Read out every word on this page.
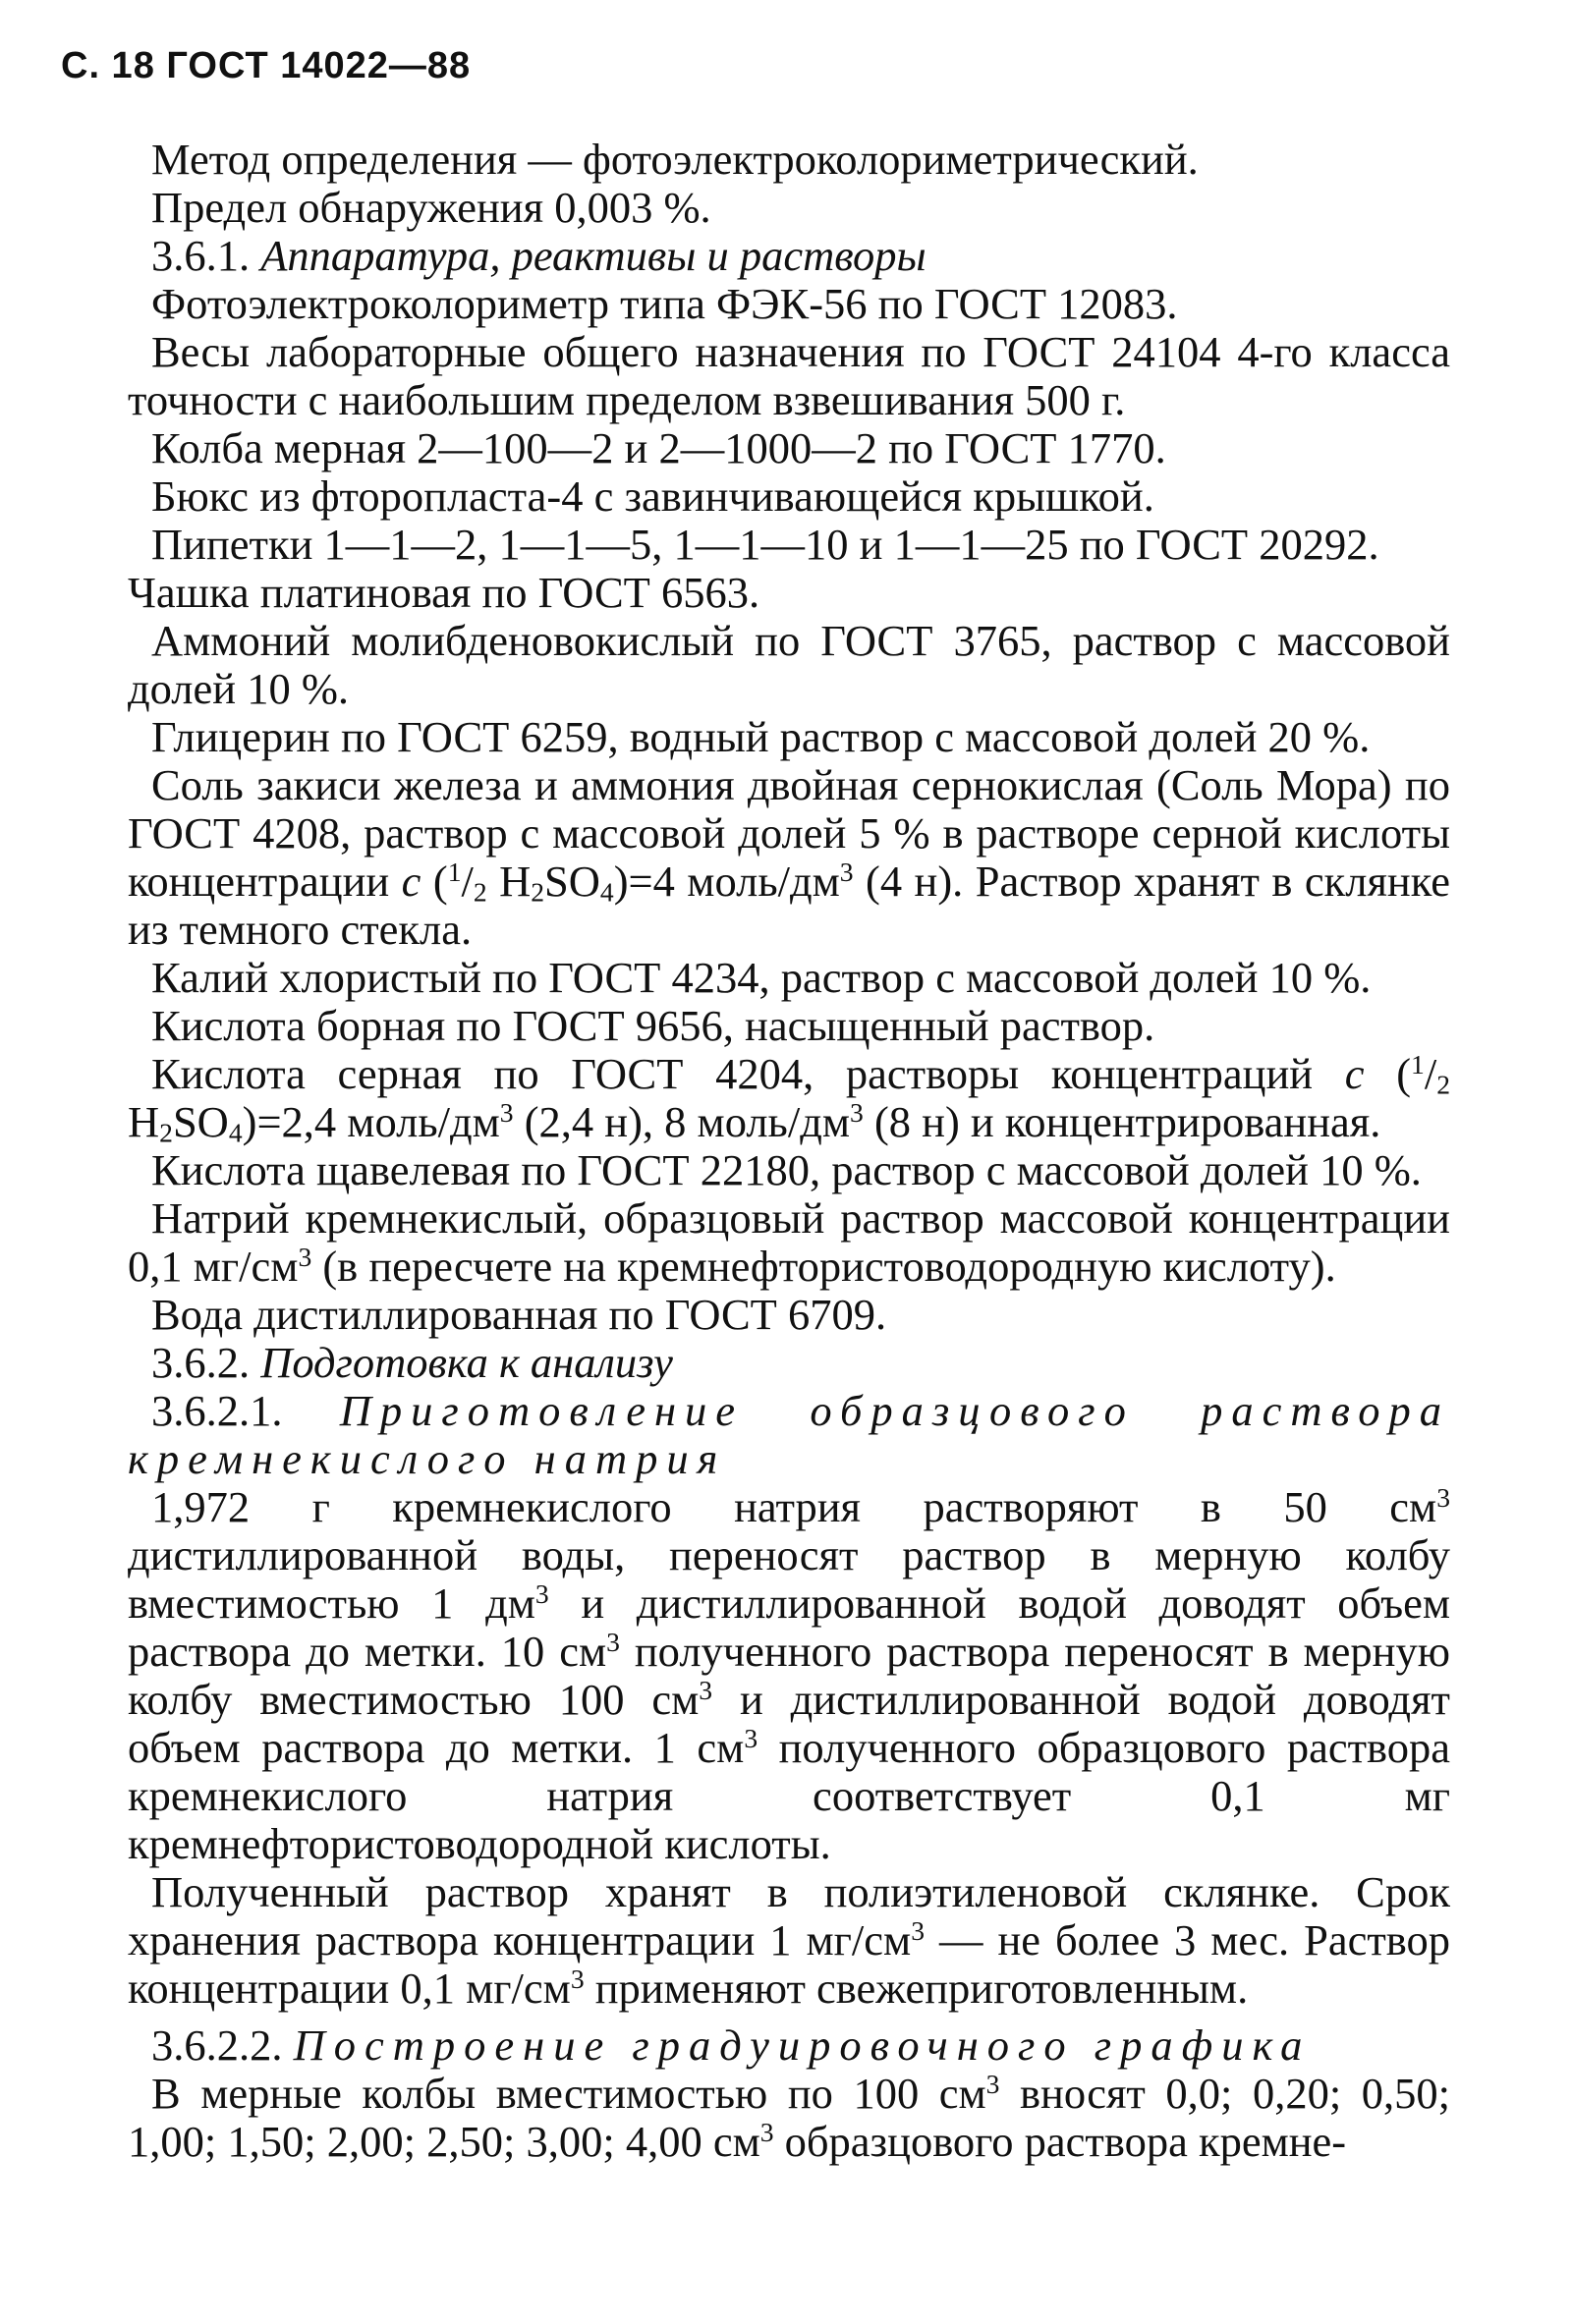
С. 18 ГОСТ 14022—88

Метод определения — фотоэлектроколориметрический.

Предел обнаружения 0,003 %.

3.6.1. Аппаратура, реактивы и растворы

Фотоэлектроколориметр типа ФЭК-56 по ГОСТ 12083.

Весы лабораторные общего назначения по ГОСТ 24104 4-го класса точности с наибольшим пределом взвешивания 500 г.

Колба мерная 2—100—2 и 2—1000—2 по ГОСТ 1770.

Бюкс из фторопласта-4 с завинчивающейся крышкой.

Пипетки 1—1—2, 1—1—5, 1—1—10 и 1—1—25 по ГОСТ 20292.

Чашка платиновая по ГОСТ 6563.

Аммоний молибденовокислый по ГОСТ 3765, раствор с массовой долей 10 %.

Глицерин по ГОСТ 6259, водный раствор с массовой долей 20 %.

Соль закиси железа и аммония двойная сернокислая (Соль Мора) по ГОСТ 4208, раствор с массовой долей 5 % в растворе серной кислоты концентрации с ($^1/_2$ $H_2SO_4)=4$ моль/$дм^3$ (4 н). Раствор хранят в склянке из темного стекла.

Калий хлористый по ГОСТ 4234, раствор с массовой долей 10 %.

Кислота борная по ГОСТ 9656, насыщенный раствор.

Кислота серная по ГОСТ 4204, растворы концентраций с ($^1/_2$ $H_2SO_4)=2,4$ моль/$дм^3$ (2,4 н), 8 моль/$дм^3$ (8 н) и концентрированная.

Кислота щавелевая по ГОСТ 22180, раствор с массовой долей 10 %.

Натрий кремнекислый, образцовый раствор массовой концентрации 0,1 $мг/см^3$ (в пересчете на кремнефтористоводородную кислоту).

Вода дистиллированная по ГОСТ 6709.

3.6.2. Подготовка к анализу

3.6.2.1. Приготовление образцового раствора кремнекислого натрия

1,972 г кремнекислого натрия растворяют в 50 $см^3$ дистиллированной воды, переносят раствор в мерную колбу вместимостью 1 $дм^3$ и дистиллированной водой доводят объем раствора до метки. 10 $см^3$ полученного раствора переносят в мерную колбу вместимостью 100 $см^3$ и дистиллированной водой доводят объем раствора до метки. 1 $см^3$ полученного образцового раствора кремнекислого натрия соответствует 0,1 мг кремнефтористоводородной кислоты.

Полученный раствор хранят в полиэтиленовой склянке. Срок хранения раствора концентрации 1 $мг/см^3$ — не более 3 мес. Раствор концентрации 0,1 $мг/см^3$ применяют свежеприготовленным.

3.6.2.2. Построение градуировочного графика

В мерные колбы вместимостью по 100 $см^3$ вносят 0,0; 0,20; 0,50; 1,00; 1,50; 2,00; 2,50; 3,00; 4,00 $см^3$ образцового раствора кремне-
